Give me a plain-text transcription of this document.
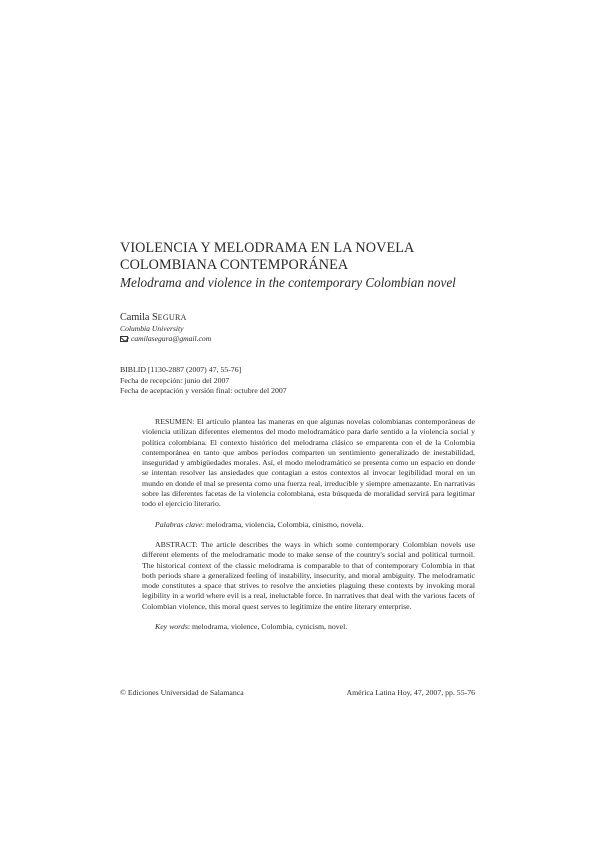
VIOLENCIA Y MELODRAMA EN LA NOVELA
COLOMBIANA CONTEMPORÁNEA

Melodrama and violence in the contemporary Colombian novel

Camila SEGURA
Columbia University
camilasegura@gmail.com
BIBLID [1130-2887 (2007) 47, 55-76]
Fecha de recepción: junio del 2007
Fecha de aceptación y versión final: octubre del 2007

RESUMEN: El artículo plantea las maneras en que algunas novelas colombianas contemporáneas de violencia utilizan diferentes elementos del modo melodramático para darle sentido a la violencia social y política colombiana. El contexto histórico del melodrama clásico se emparenta con el de la Colombia contemporánea en tanto que ambos periodos comparten un sentimiento generalizado de inestabilidad, inseguridad y ambigüedades morales. Así, el modo melodramático se presenta como un espacio en donde se intentan resolver las ansiedades que contagian a estos contextos al invocar legibilidad moral en un mundo en donde el mal se presenta como una fuerza real, irreducible y siempre amenazante. En narrativas sobre las diferentes facetas de la violencia colombiana, esta búsqueda de moralidad servirá para legitimar todo el ejercicio literario.

Palabras clave: melodrama, violencia, Colombia, cinismo, novela.

ABSTRACT: The article describes the ways in which some contemporary Colombian novels use different elements of the melodramatic mode to make sense of the country's social and political turmoil. The historical context of the classic melodrama is comparable to that of contemporary Colombia in that both periods share a generalized feeling of instability, insecurity, and moral ambiguity. The melodramatic mode constitutes a space that strives to resolve the anxieties plaguing these contexts by invoking moral legibility in a world where evil is a real, ineluctable force. In narratives that deal with the various facets of Colombian violence, this moral quest serves to legitimize the entire literary enterprise.

Key words: melodrama, violence, Colombia, cynicism, novel.

© Ediciones Universidad de Salamanca	América Latina Hoy, 47, 2007, pp. 55-76
